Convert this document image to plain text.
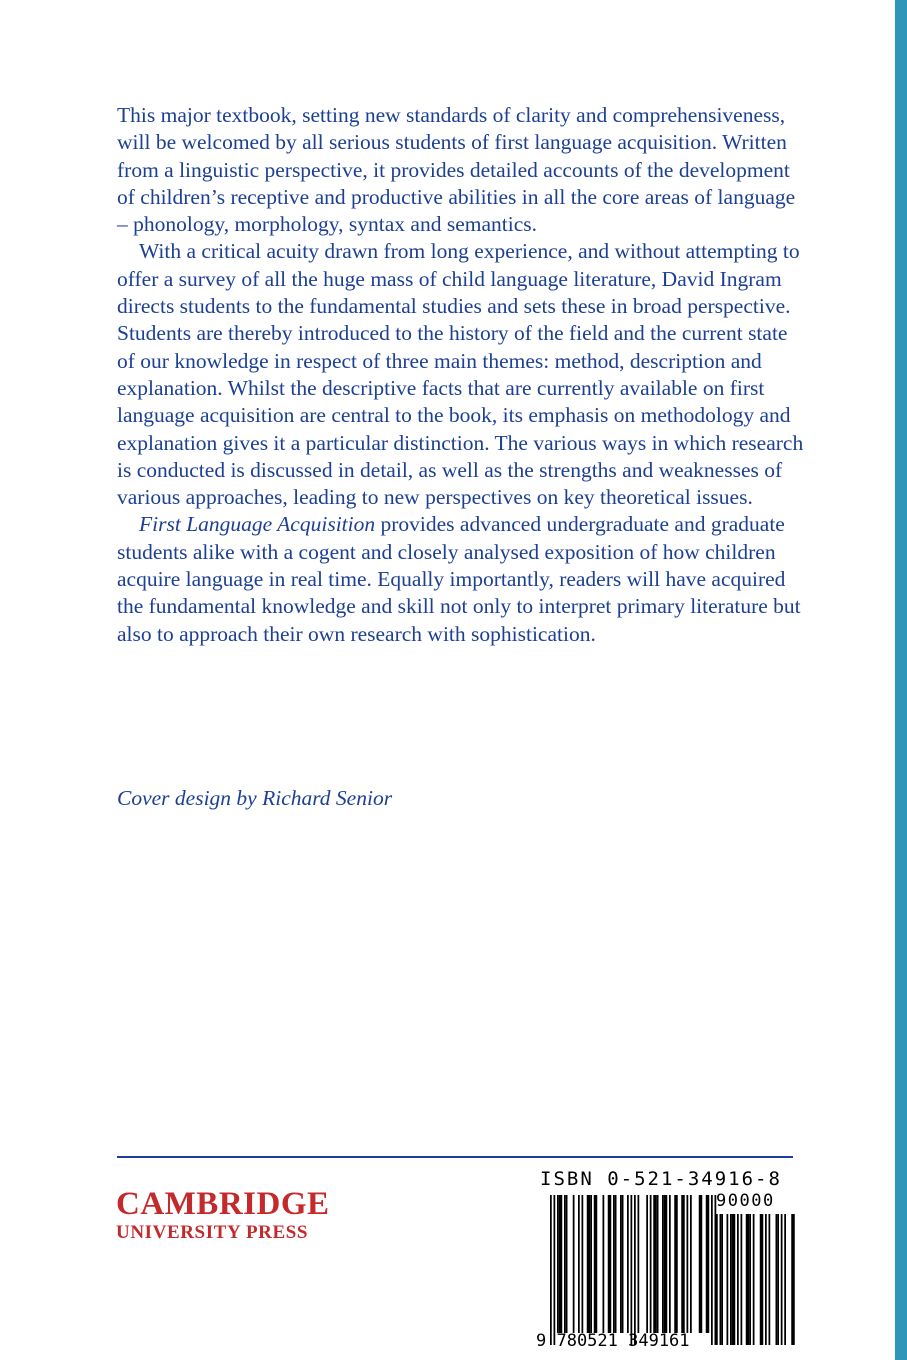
This major textbook, setting new standards of clarity and comprehensiveness, will be welcomed by all serious students of first language acquisition. Written from a linguistic perspective, it provides detailed accounts of the development of children’s receptive and productive abilities in all the core areas of language – phonology, morphology, syntax and semantics.

With a critical acuity drawn from long experience, and without attempting to offer a survey of all the huge mass of child language literature, David Ingram directs students to the fundamental studies and sets these in broad perspective. Students are thereby introduced to the history of the field and the current state of our knowledge in respect of three main themes: method, description and explanation. Whilst the descriptive facts that are currently available on first language acquisition are central to the book, its emphasis on methodology and explanation gives it a particular distinction. The various ways in which research is conducted is discussed in detail, as well as the strengths and weaknesses of various approaches, leading to new perspectives on key theoretical issues.

First Language Acquisition provides advanced undergraduate and graduate students alike with a cogent and closely analysed exposition of how children acquire language in real time. Equally importantly, readers will have acquired the fundamental knowledge and skill not only to interpret primary literature but also to approach their own research with sophistication.

Cover design by Richard Senior
CAMBRIDGE
UNIVERSITY PRESS
ISBN 0-521-34916-8
90000
9 780521 349161
